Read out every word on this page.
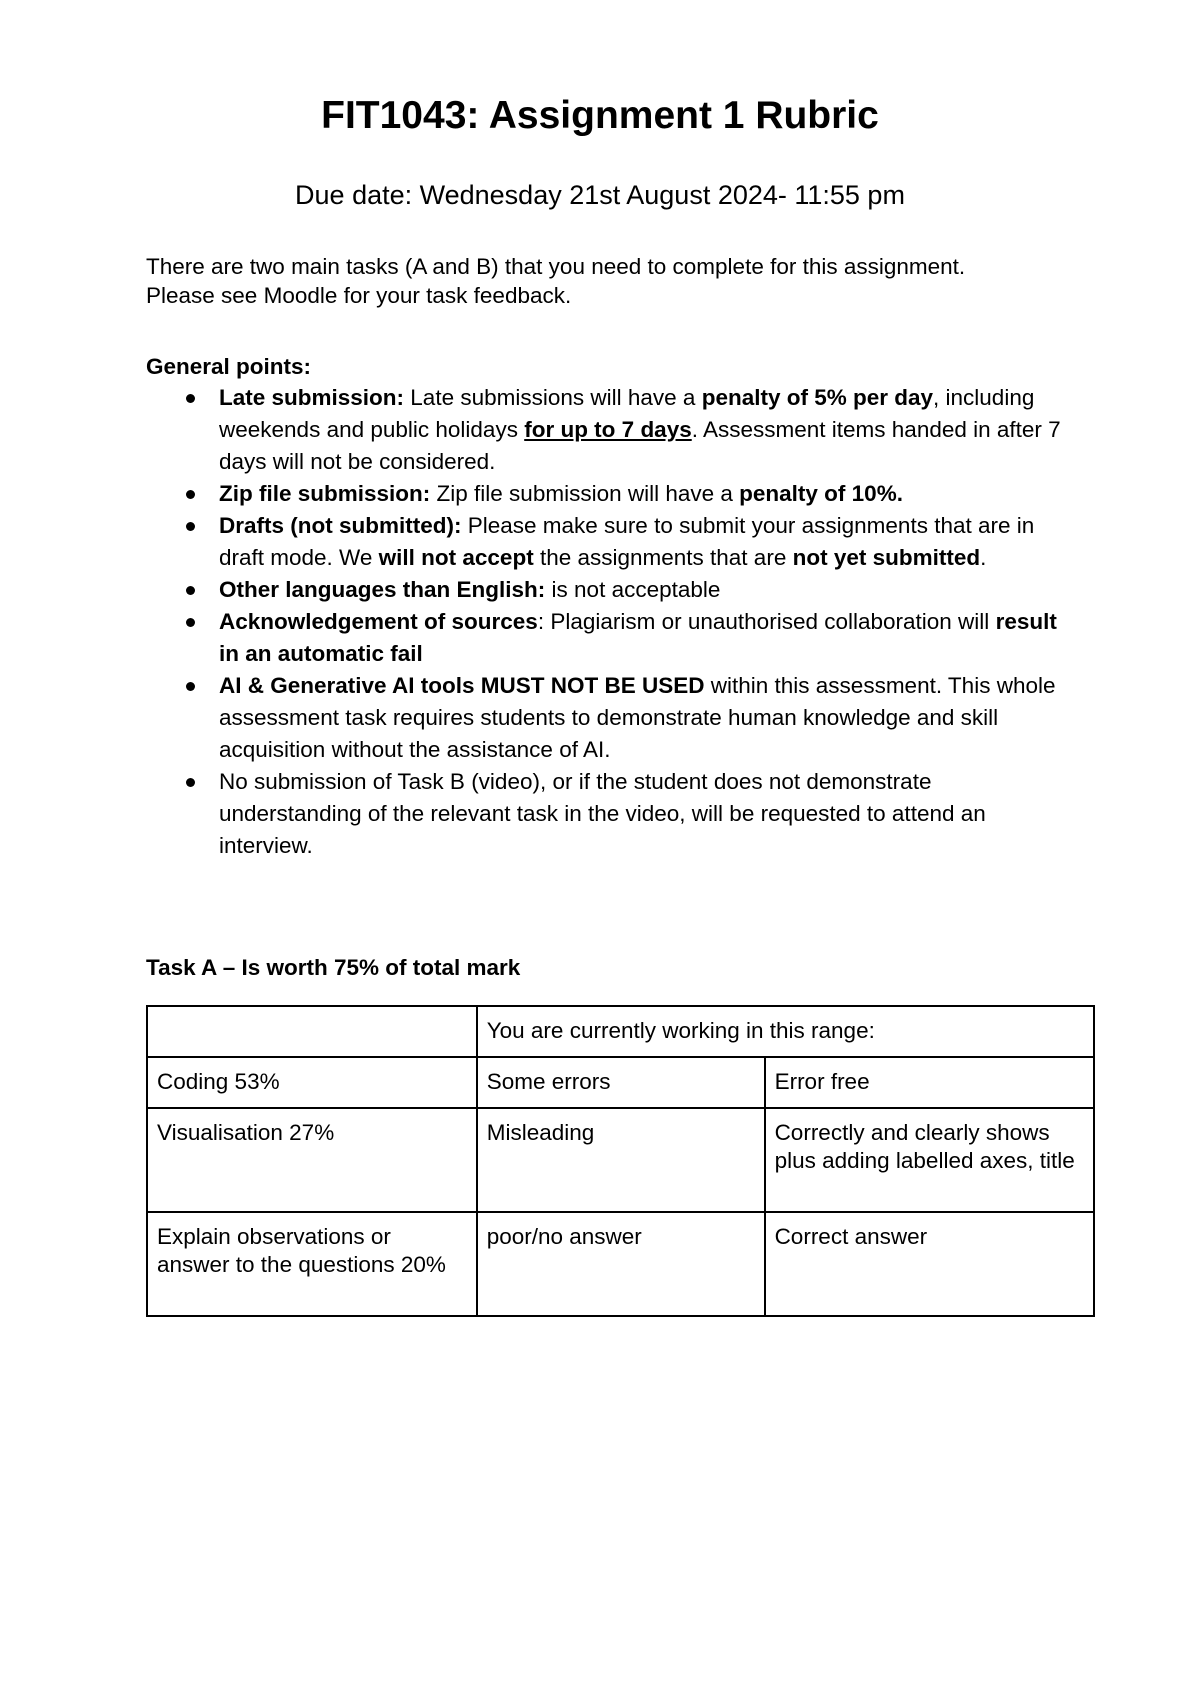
FIT1043: Assignment 1 Rubric

Due date: Wednesday 21st August 2024- 11:55 pm

There are two main tasks (A and B) that you need to complete for this assignment.
Please see Moodle for your task feedback.

General points:

Late submission: Late submissions will have a penalty of 5% per day, including weekends and public holidays for up to 7 days. Assessment items handed in after 7 days will not be considered.
Zip file submission: Zip file submission will have a penalty of 10%.
Drafts (not submitted): Please make sure to submit your assignments that are in draft mode. We will not accept the assignments that are not yet submitted.
Other languages than English: is not acceptable
Acknowledgement of sources: Plagiarism or unauthorised collaboration will result in an automatic fail
AI & Generative AI tools MUST NOT BE USED within this assessment. This whole assessment task requires students to demonstrate human knowledge and skill acquisition without the assistance of AI.
No submission of Task B (video), or if the student does not demonstrate understanding of the relevant task in the video, will be requested to attend an interview.

Task A – Is worth 75% of total mark

	You are currently working in this range:	
Coding 53%	Some errors	Error free
Visualisation 27%	Misleading	Correctly and clearly shows plus adding labelled axes, title
Explain observations or answer to the questions 20%	poor/no answer	Correct answer
